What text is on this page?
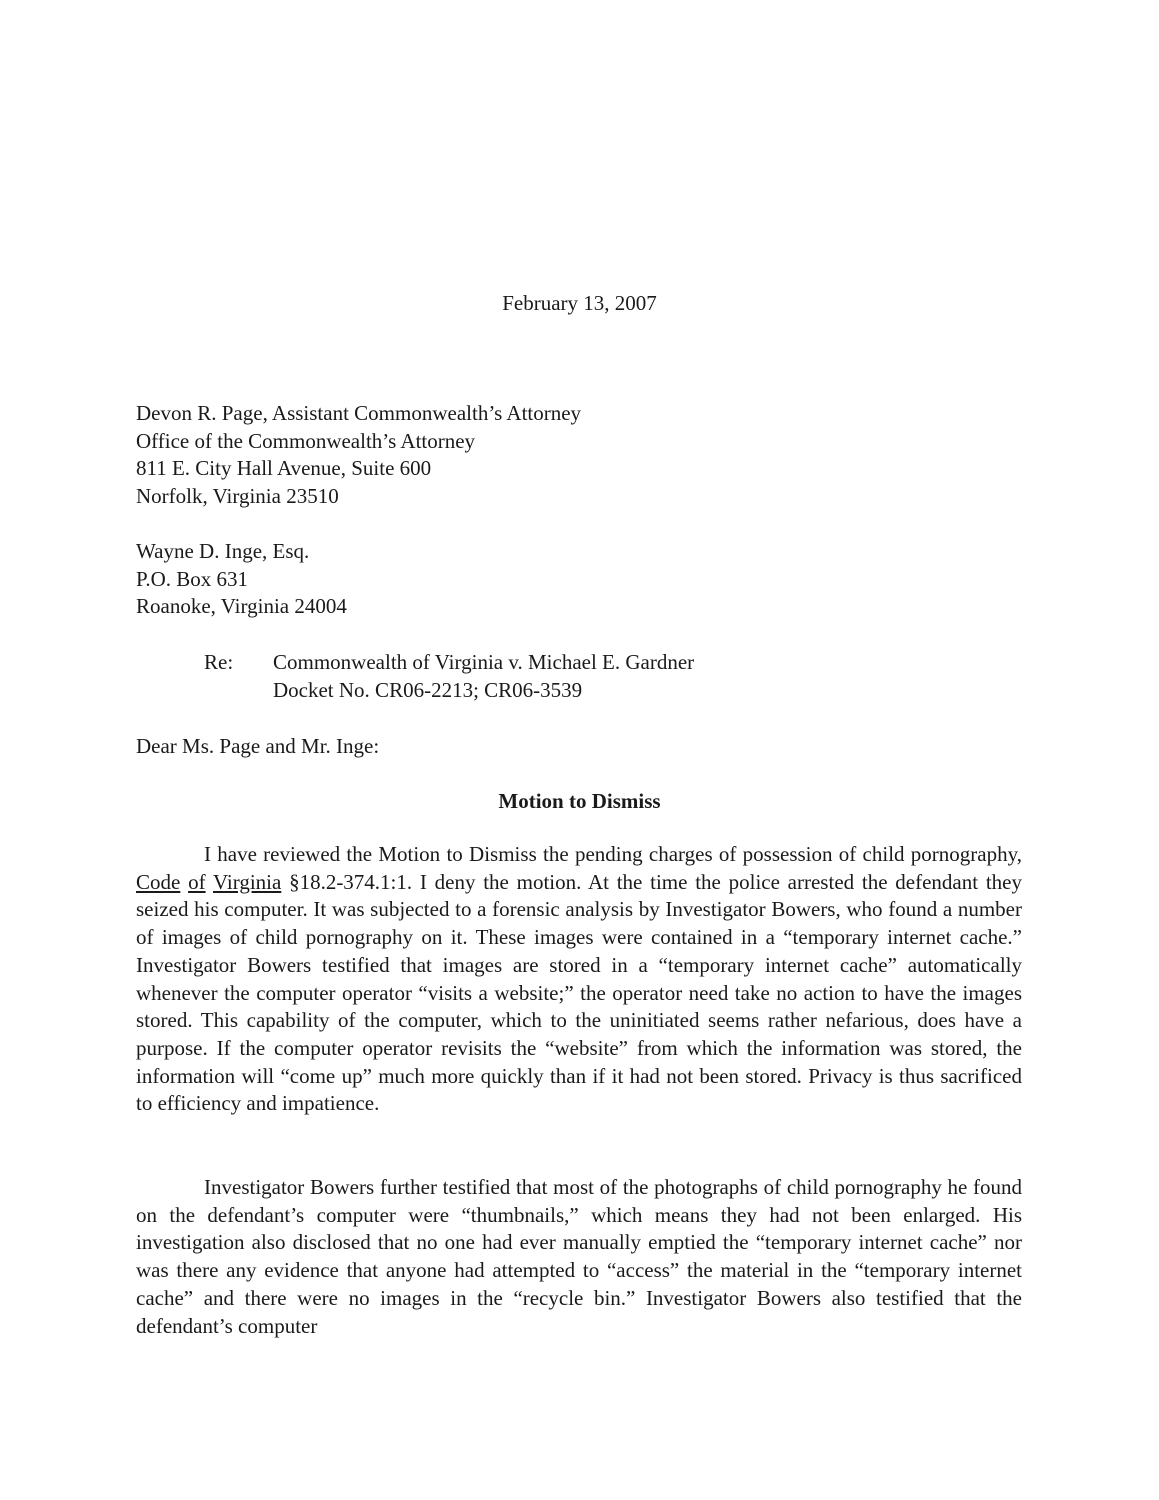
February 13, 2007
Devon R. Page, Assistant Commonwealth’s Attorney
Office of the Commonwealth’s Attorney
811 E. City Hall Avenue, Suite 600
Norfolk, Virginia 23510
Wayne D. Inge, Esq.
P.O. Box 631
Roanoke, Virginia 24004
Re: Commonwealth of Virginia v. Michael E. Gardner
Docket No. CR06-2213; CR06-3539
Dear Ms. Page and Mr. Inge:
Motion to Dismiss

I have reviewed the Motion to Dismiss the pending charges of possession of child pornography, Code of Virginia §18.2-374.1:1. I deny the motion. At the time the police arrested the defendant they seized his computer. It was subjected to a forensic analysis by Investigator Bowers, who found a number of images of child pornography on it. These images were contained in a “temporary internet cache.” Investigator Bowers testified that images are stored in a “temporary internet cache” automatically whenever the computer operator “visits a website;” the operator need take no action to have the images stored. This capability of the computer, which to the uninitiated seems rather nefarious, does have a purpose. If the computer operator revisits the “website” from which the information was stored, the information will “come up” much more quickly than if it had not been stored. Privacy is thus sacrificed to efficiency and impatience.

Investigator Bowers further testified that most of the photographs of child pornography he found on the defendant’s computer were “thumbnails,” which means they had not been enlarged. His investigation also disclosed that no one had ever manually emptied the “temporary internet cache” nor was there any evidence that anyone had attempted to “access” the material in the “temporary internet cache” and there were no images in the “recycle bin.” Investigator Bowers also testified that the defendant’s computer
